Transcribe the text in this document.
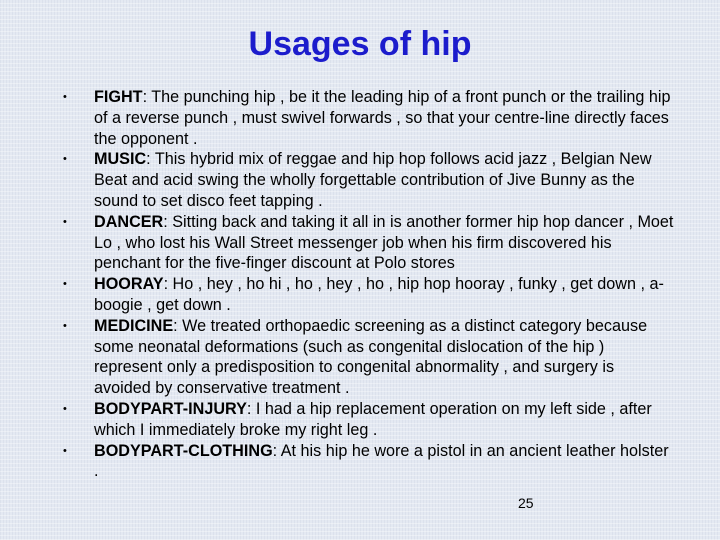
Usages of hip
• FIGHT: The punching hip , be it the leading hip of a front punch or the trailing hip of a reverse punch , must swivel forwards , so that your centre-line directly faces the opponent .
• MUSIC: This hybrid mix of reggae and hip hop follows acid jazz , Belgian New Beat and acid swing the wholly forgettable contribution of Jive Bunny as the sound to set disco feet tapping .
• DANCER: Sitting back and taking it all in is another former hip hop dancer , Moet Lo , who lost his Wall Street messenger job when his firm discovered his penchant for the five-finger discount at Polo stores
• HOORAY: Ho , hey , ho hi , ho , hey , ho , hip hop hooray , funky , get down , a-boogie , get down .
• MEDICINE: We treated orthopaedic screening as a distinct category because some neonatal deformations (such as congenital dislocation of the hip ) represent only a predisposition to congenital abnormality , and surgery is avoided by conservative treatment .
• BODYPART-INJURY: I had a hip replacement operation on my left side , after which I immediately broke my right leg .
• BODYPART-CLOTHING: At his hip he wore a pistol in an ancient leather holster .
25
